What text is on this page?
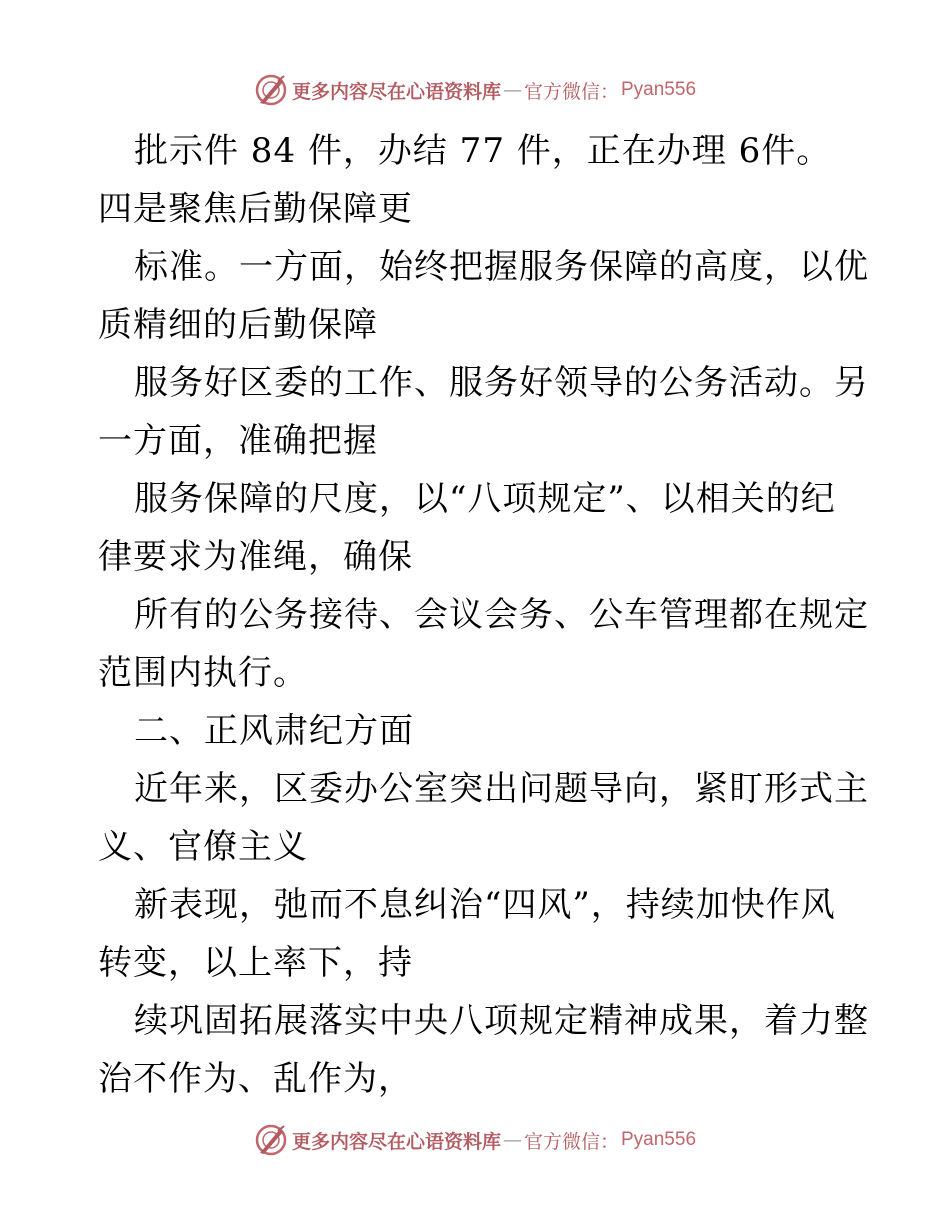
更多内容尽在心语资料库 — 官方微信： Pyan556
批示件 84 件，办结 77 件，正在办理 6件。
四是聚焦后勤保障更
标准。一方面，始终把握服务保障的高度，以优
质精细的后勤保障
服务好区委的工作、服务好领导的公务活动。另
一方面，准确把握
服务保障的尺度，以“八项规定”、以相关的纪
律要求为准绳，确保
所有的公务接待、会议会务、公车管理都在规定
范围内执行。
二、正风肃纪方面
近年来，区委办公室突出问题导向，紧盯形式主
义、官僚主义
新表现，弛而不息纠治“四风”，持续加快作风
转变，以上率下，持
续巩固拓展落实中央八项规定精神成果，着力整
治不作为、乱作为，
更多内容尽在心语资料库 — 官方微信： Pyan556
